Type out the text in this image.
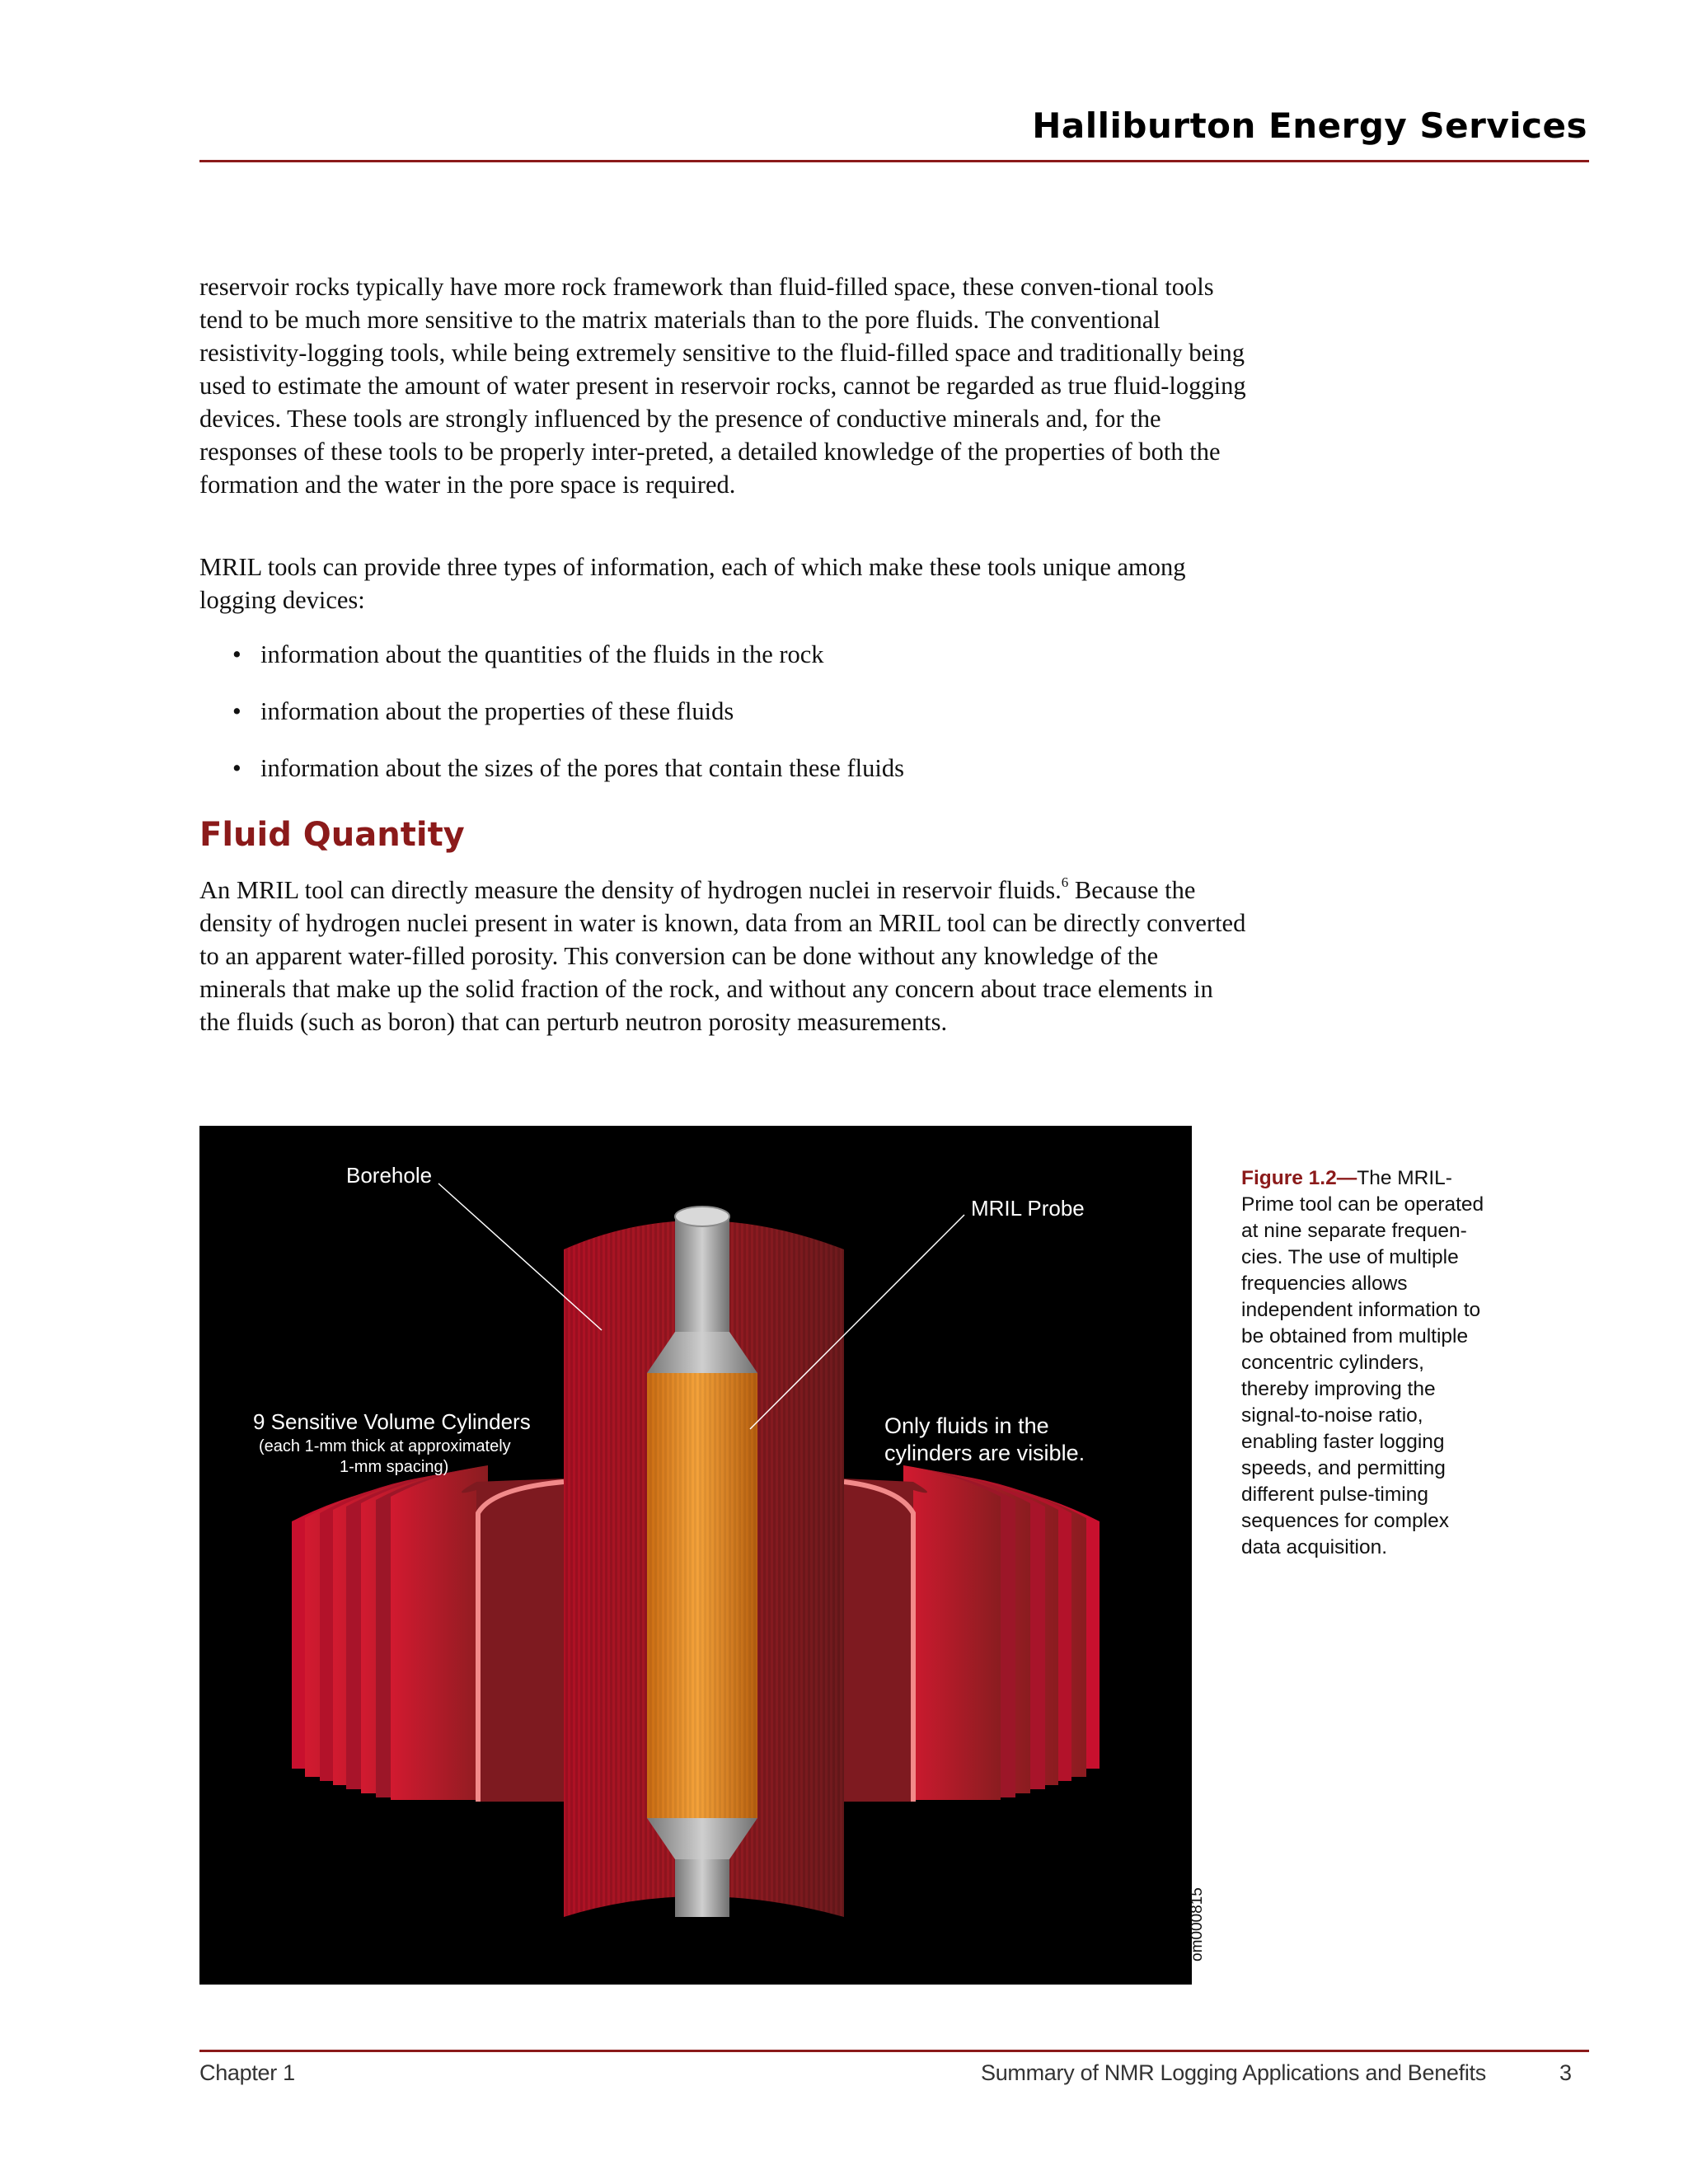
Halliburton Energy Services

reservoir rocks typically have more rock framework than fluid-filled space, these conven-tional tools tend to be much more sensitive to the matrix materials than to the pore fluids. The conventional resistivity-logging tools, while being extremely sensitive to the fluid-filled space and traditionally being used to estimate the amount of water present in reservoir rocks, cannot be regarded as true fluid-logging devices. These tools are strongly influenced by the presence of conductive minerals and, for the responses of these tools to be properly inter-preted, a detailed knowledge of the properties of both the formation and the water in the pore space is required.

MRIL tools can provide three types of information, each of which make these tools unique among logging devices:

• information about the quantities of the fluids in the rock
• information about the properties of these fluids
• information about the sizes of the pores that contain these fluids
Fluid Quantity

An MRIL tool can directly measure the density of hydrogen nuclei in reservoir fluids.$^6$ Because the density of hydrogen nuclei present in water is known, data from an MRIL tool can be directly converted to an apparent water-filled porosity. This conversion can be done without any knowledge of the minerals that make up the solid fraction of the rock, and without any concern about trace elements in the fluids (such as boron) that can perturb neutron porosity measurements.

Borehole
MRIL Probe
9 Sensitive Volume Cylinders
(each 1-mm thick at approximately
1-mm spacing)
Only fluids in the
cylinders are visible.
om000815
Figure 1.2—The MRIL-
Prime tool can be operated
at nine separate frequen-
cies. The use of multiple
frequencies allows
independent information to
be obtained from multiple
concentric cylinders,
thereby improving the
signal-to-noise ratio,
enabling faster logging
speeds, and permitting
different pulse-timing
sequences for complex
data acquisition.
Chapter 1	Summary of NMR Logging Applications and Benefits	3
